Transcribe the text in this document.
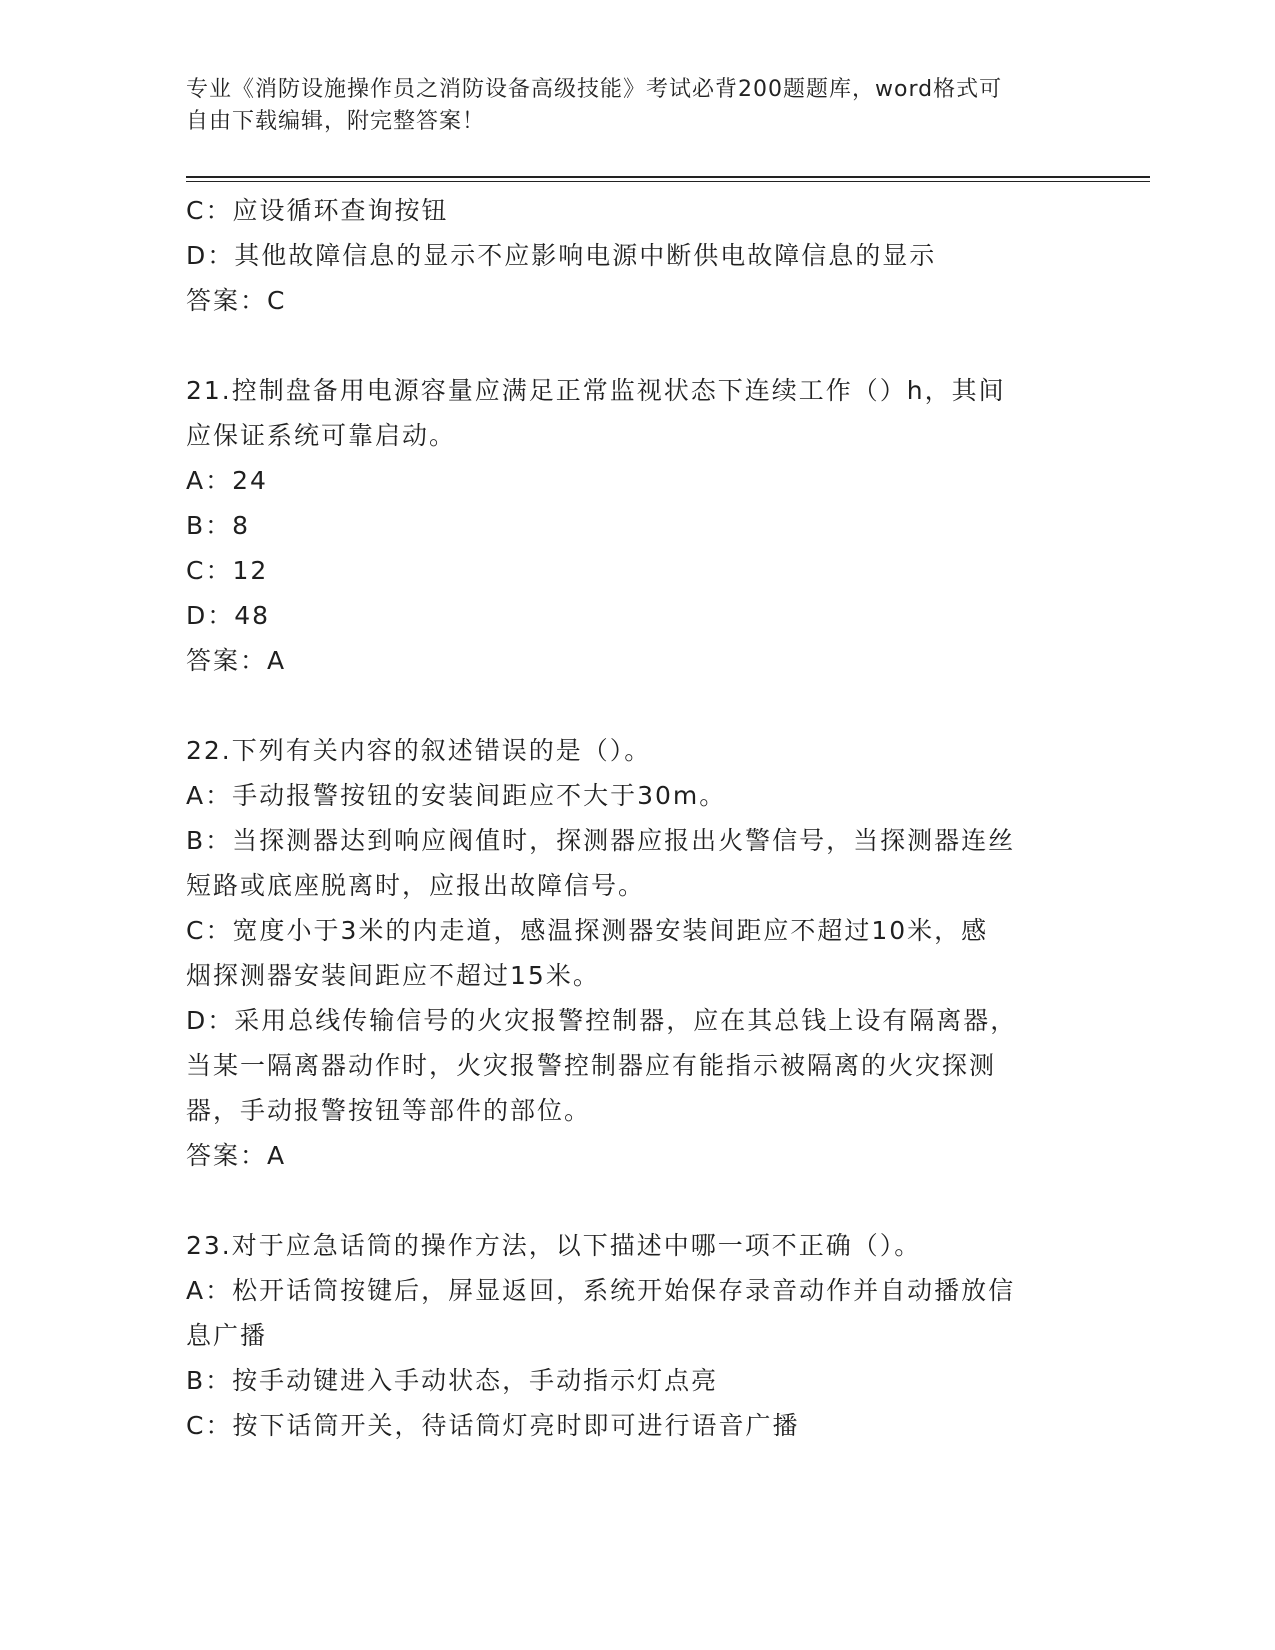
专业《消防设施操作员之消防设备高级技能》考试必背200题题库，word格式可
自由下载编辑，附完整答案！
C：应设循环查询按钮
D：其他故障信息的显示不应影响电源中断供电故障信息的显示
答案：C
21.控制盘备用电源容量应满足正常监视状态下连续工作（）h，其间
应保证系统可靠启动。
A：24
B：8
C：12
D：48
答案：A
22.下列有关内容的叙述错误的是（）。
A：手动报警按钮的安装间距应不大于30m。
B：当探测器达到响应阀值时，探测器应报出火警信号，当探测器连丝
短路或底座脱离时，应报出故障信号。
C：宽度小于3米的内走道，感温探测器安装间距应不超过10米，感
烟探测器安装间距应不超过15米。
D：采用总线传输信号的火灾报警控制器，应在其总钱上设有隔离器，
当某一隔离器动作时，火灾报警控制器应有能指示被隔离的火灾探测
器，手动报警按钮等部件的部位。
答案：A
23.对于应急话筒的操作方法，以下描述中哪一项不正确（）。
A：松开话筒按键后，屏显返回，系统开始保存录音动作并自动播放信
息广播
B：按手动键进入手动状态，手动指示灯点亮
C：按下话筒开关，待话筒灯亮时即可进行语音广播
